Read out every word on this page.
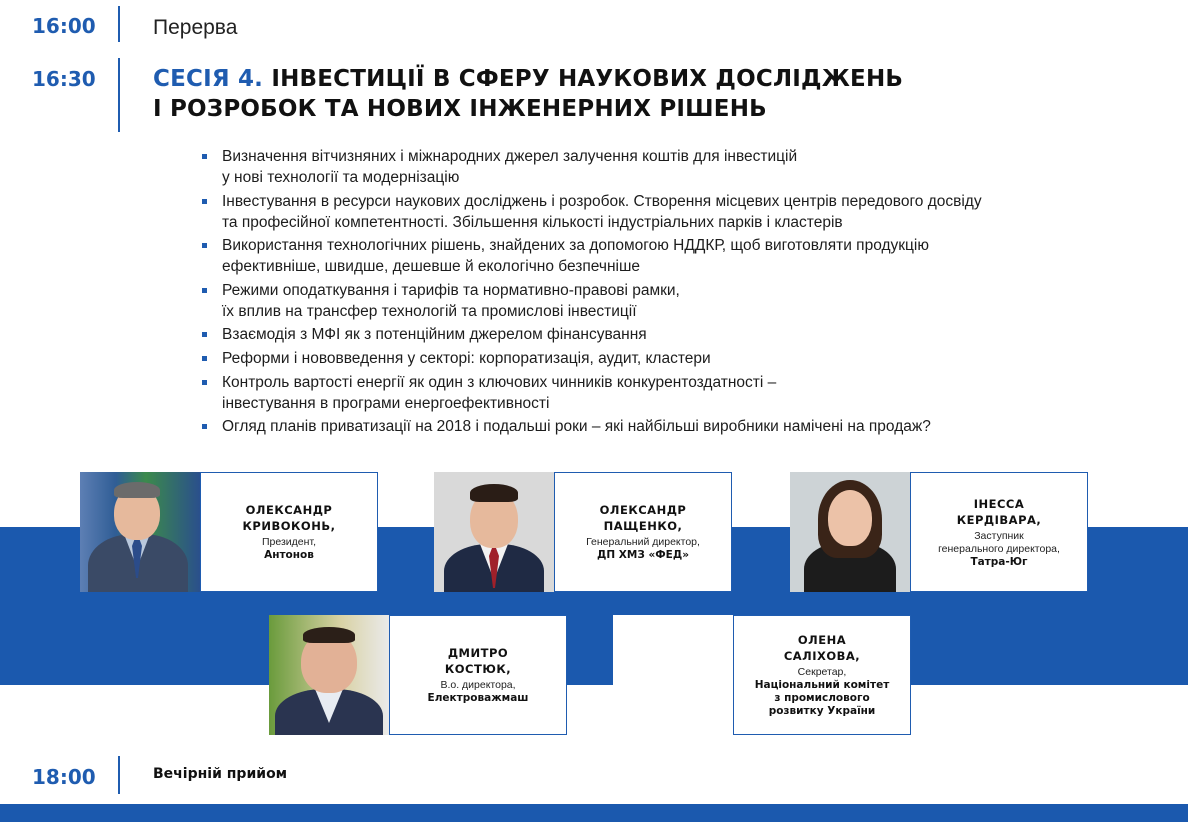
16:00	Перерва
16:30 СЕСІЯ 4. ІНВЕСТИЦІЇ В СФЕРУ НАУКОВИХ ДОСЛІДЖЕНЬ
І РОЗРОБОК ТА НОВИХ ІНЖЕНЕРНИХ РІШЕНЬ
Визначення вітчизняних і міжнародних джерел залучення коштів для інвестицій
у нові технології та модернізацію
Інвестування в ресурси наукових досліджень і розробок. Створення місцевих центрів передового досвіду
та професійної компетентності. Збільшення кількості індустріальних парків і кластерів
Використання технологічних рішень, знайдених за допомогою НДДКР, щоб виготовляти продукцію
ефективніше, швидше, дешевше й екологічно безпечніше
Режими оподаткування і тарифів та нормативно-правові рамки,
їх вплив на трансфер технологій та промислові інвестиції
Взаємодія з МФІ як з потенційним джерелом фінансування
Реформи і нововведення у секторі: корпоратизація, аудит, кластери
Контроль вартості енергії як один з ключових чинників конкурентоздатності –
інвестування в програми енергоефективності
Огляд планів приватизації на 2018 і подальші роки – які найбільші виробники намічені на продаж?
ОЛЕКСАНДР
КРИВОКОНЬ,
Президент,
Антонов
ОЛЕКСАНДР
ПАЩЕНКО,
Генеральний директор,
ДП ХМЗ «ФЕД»
ІНЕССА
КЕРДІВАРА,
Заступник
генерального директора,
Татра-Юг
ДМИТРО
КОСТЮК,
В.о. директора,
Електроважмаш
ОЛЕНА
САЛІХОВА,
Секретар,
Національний комітет
з промислового
розвитку України
18:00	Вечірній прийом
